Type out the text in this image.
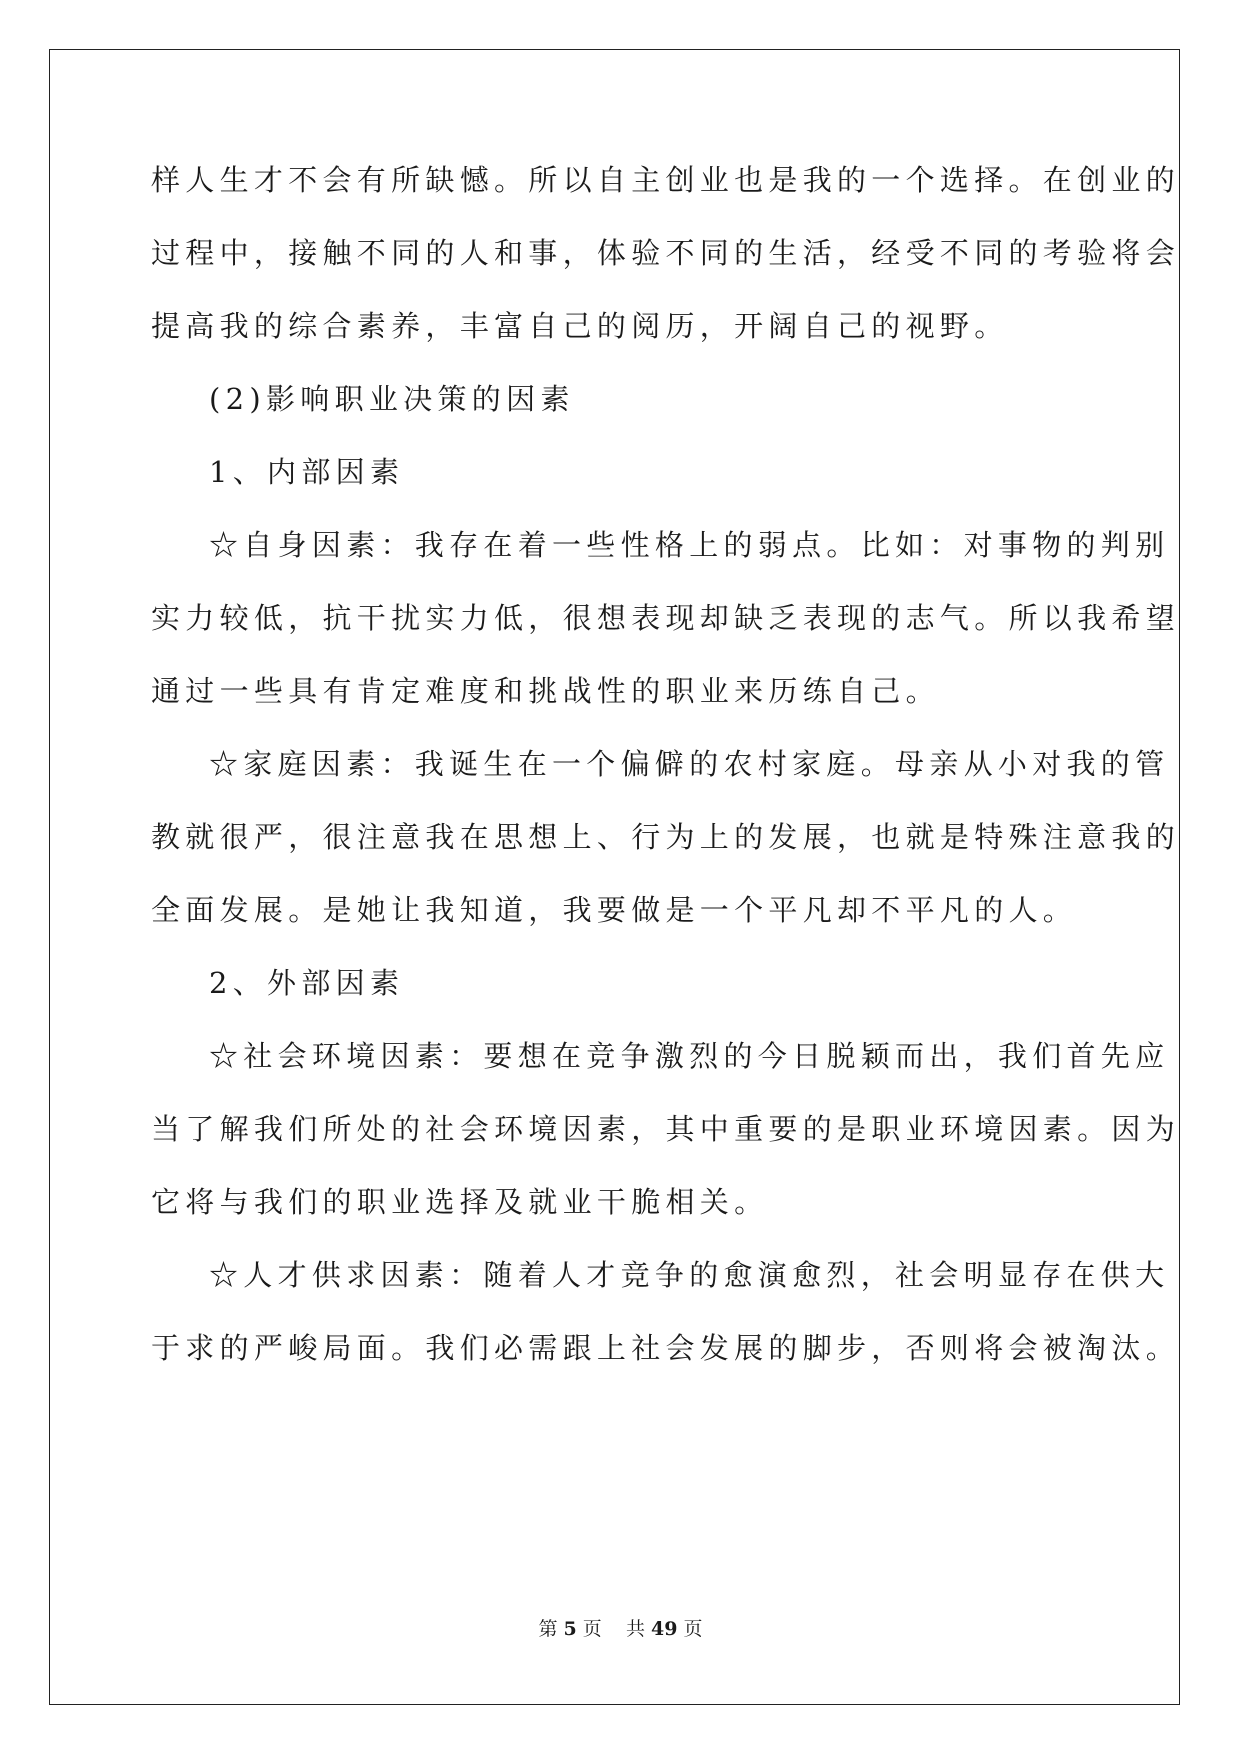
样人生才不会有所缺憾。所以自主创业也是我的一个选择。在创业的
过程中，接触不同的人和事，体验不同的生活，经受不同的考验将会
提高我的综合素养，丰富自己的阅历，开阔自己的视野。
(2)影响职业决策的因素
1、内部因素
☆自身因素：我存在着一些性格上的弱点。比如：对事物的判别
实力较低，抗干扰实力低，很想表现却缺乏表现的志气。所以我希望
通过一些具有肯定难度和挑战性的职业来历练自己。
☆家庭因素：我诞生在一个偏僻的农村家庭。母亲从小对我的管
教就很严，很注意我在思想上、行为上的发展，也就是特殊注意我的
全面发展。是她让我知道，我要做是一个平凡却不平凡的人。
2、外部因素
☆社会环境因素：要想在竞争激烈的今日脱颖而出，我们首先应
当了解我们所处的社会环境因素，其中重要的是职业环境因素。因为
它将与我们的职业选择及就业干脆相关。
☆人才供求因素：随着人才竞争的愈演愈烈，社会明显存在供大
于求的严峻局面。我们必需跟上社会发展的脚步，否则将会被淘汰。
第 5 页 共 49 页
